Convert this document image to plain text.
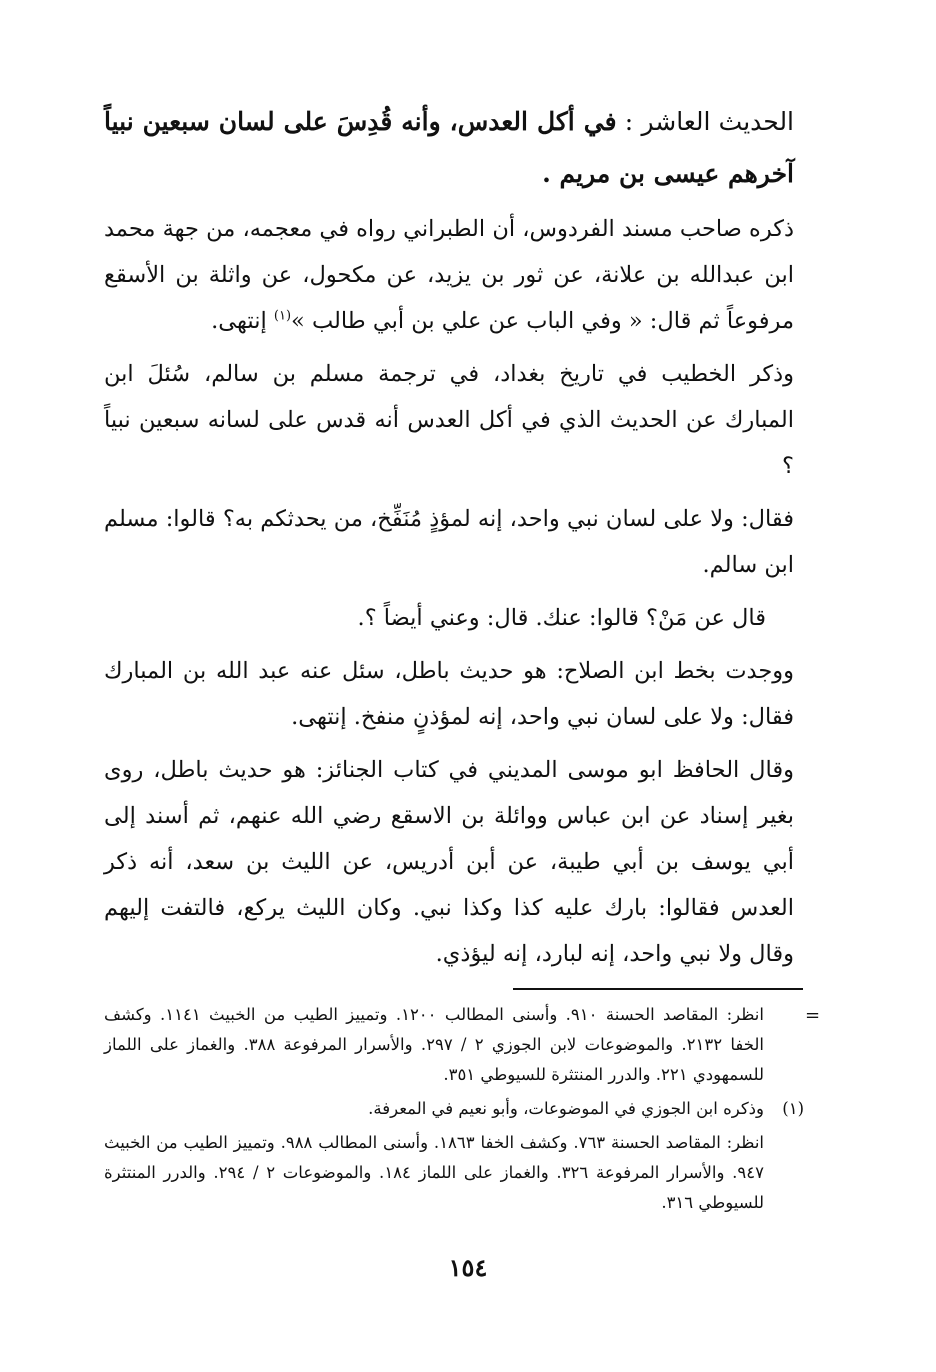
الحديث العاشر : في أكل العدس، وأنه قُدِسَ على لسان سبعين نبياً آخرهم عيسى بن مريم .

ذكره صاحب مسند الفردوس، أن الطبراني رواه في معجمه، من جهة محمد ابن عبدالله بن علانة، عن ثور بن يزيد، عن مكحول، عن واثلة بن الأسقع مرفوعاً ثم قال: « وفي الباب عن علي بن أبي طالب »$^{(١)}$ إنتهى.

وذكر الخطيب في تاريخ بغداد، في ترجمة مسلم بن سالم، سُئلَ ابن المبارك عن الحديث الذي في أكل العدس أنه قدس على لسانه سبعين نبياً ؟

فقال: ولا على لسان نبي واحد، إنه لمؤذٍ مُنَفِّخ، من يحدثكم به؟ قالوا: مسلم ابن سالم.

قال عن مَنْ؟ قالوا: عنك. قال: وعني أيضاً ؟.

ووجدت بخط ابن الصلاح: هو حديث باطل، سئل عنه عبد الله بن المبارك فقال: ولا على لسان نبي واحد، إنه لمؤذنٍ منفخ. إنتهى.

وقال الحافظ ابو موسى المديني في كتاب الجنائز: هو حديث باطل، روى بغير إسناد عن ابن عباس ووائلة بن الاسقع رضي الله عنهم، ثم أسند إلى أبي يوسف بن أبي طيبة، عن أبن أدريس، عن الليث بن سعد، أنه ذكر العدس فقالوا: بارك عليه كذا وكذا نبي. وكان الليث يركع، فالتفت إليهم وقال ولا نبي واحد، إنه لبارد، إنه ليؤذي.

=

انظر: المقاصد الحسنة ٩١٠. وأسنى المطالب ١٢٠٠. وتمييز الطيب من الخبيث ١١٤١. وكشف الخفا ٢١٣٢. والموضوعات لابن الجوزي ٢ / ٢٩٧. والأسرار المرفوعة ٣٨٨. والغماز على اللماز للسمهودي ٢٢١. والدرر المنتثرة للسيوطي ٣٥١.

(١)

وذكره ابن الجوزي في الموضوعات، وأبو نعيم في المعرفة.

انظر: المقاصد الحسنة ٧٦٣. وكشف الخفا ١٨٦٣. وأسنى المطالب ٩٨٨. وتمييز الطيب من الخبيث ٩٤٧. والأسرار المرفوعة ٣٢٦. والغماز على اللماز ١٨٤. والموضوعات ٢ / ٢٩٤. والدرر المنتثرة للسيوطي ٣١٦.

١٥٤
